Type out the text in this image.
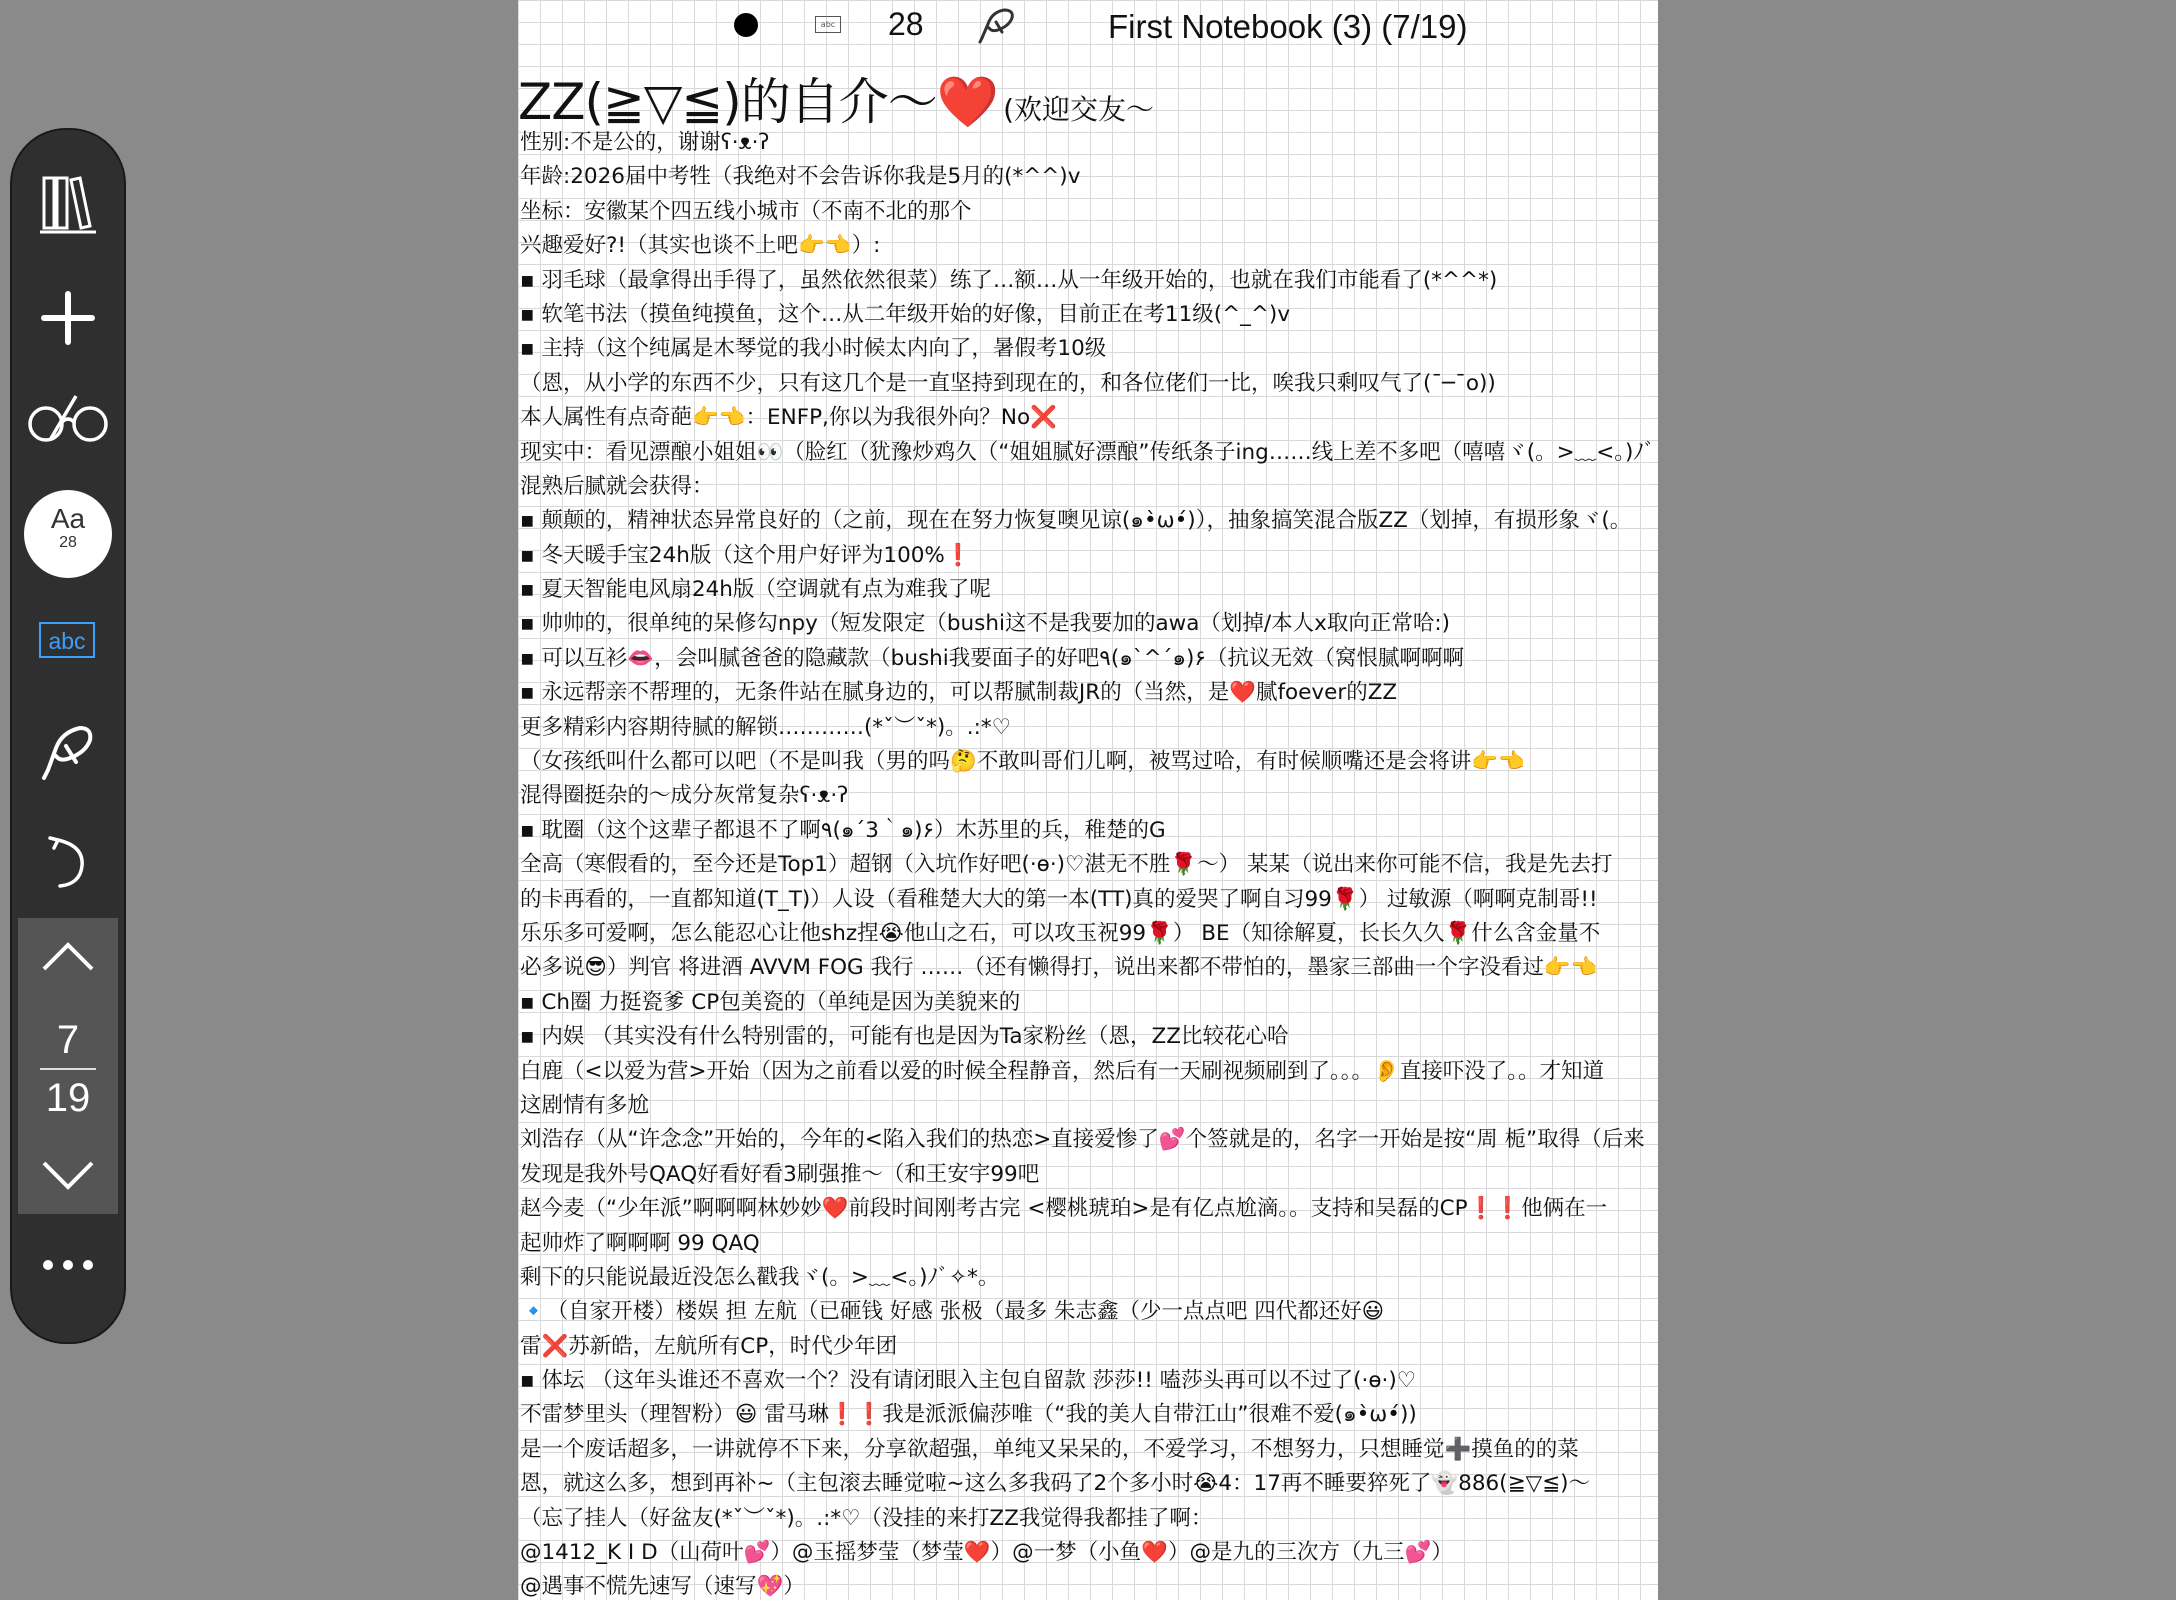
Aa
28
abc
7
19
abc 28	First Notebook (3) (7/19)
ZZ(≧▽≦)的自介～❤️ (欢迎交友～
性别:不是公的，谢谢ʕ·ᴥ·ʔ
年龄:2026届中考牲（我绝对不会告诉你我是5月的(*^^)v
坐标：安徽某个四五线小城市（不南不北的那个
兴趣爱好?!（其实也谈不上吧👉👈）:
▪ 羽毛球（最拿得出手得了，虽然依然很菜）练了…额…从一年级开始的，也就在我们市能看了(*^^*)
▪ 软笔书法（摸鱼纯摸鱼，这个…从二年级开始的好像，目前正在考11级(^_^)v
▪ 主持（这个纯属是木琴觉的我小时候太内向了，暑假考10级
（恩，从小学的东西不少，只有这几个是一直坚持到现在的，和各位佬们一比，唉我只剩叹气了(¯─¯o))
本人属性有点奇葩👉👈：ENFP,你以为我很外向？No❌
现实中：看见漂酿小姐姐👀（脸红（犹豫炒鸡久（“姐姐腻好漂酿”传纸条子ing……线上差不多吧（嘻嘻ヾ(。>﹏<。)ﾉﾞ
混熟后腻就会获得：
▪ 颠颠的，精神状态异常良好的（之前，现在在努力恢复噢见谅(๑•̀ω•́)），抽象搞笑混合版ZZ（划掉，有损形象ヾ(。
▪ 冬天暖手宝24h版（这个用户好评为100%❗
▪ 夏天智能电风扇24h版（空调就有点为难我了呢
▪ 帅帅的，很单纯的呆修勾npy（短发限定（bushi这不是我要加的awa（划掉/本人x取向正常哈:)
▪ 可以互衫👄，会叫腻爸爸的隐藏款（bushi我要面子的好吧٩(๑`^´๑)۶（抗议无效（窝恨腻啊啊啊
▪ 永远帮亲不帮理的，无条件站在腻身边的，可以帮腻制裁JR的（当然，是❤️腻foever的ZZ
更多精彩内容期待腻的解锁…………(*ˇ︶ˇ*)。.:*♡
（女孩纸叫什么都可以吧（不是叫我（男的吗🤔不敢叫哥们儿啊，被骂过哈，有时候顺嘴还是会将讲👉👈
混得圈挺杂的～成分灰常复杂ʕ·ᴥ·ʔ
▪ 耽圈（这个这辈子都退不了啊٩(๑´3｀๑)۶）木苏里的兵，稚楚的G
全高（寒假看的，至今还是Top1）超钢（入坑作好吧(·ө·)♡湛无不胜🌹～） 某某（说出来你可能不信，我是先去打
的卡再看的，一直都知道(T_T)）人设（看稚楚大大的第一本(TT)真的爱哭了啊自习99🌹） 过敏源（啊啊克制哥!!
乐乐多可爱啊，怎么能忍心让他shz捏😭他山之石，可以攻玉祝99🌹） BE（知徐解夏，长长久久🌹什么含金量不
必多说😎）判官 将进酒 AVVM FOG 我行 ……（还有懒得打，说出来都不带怕的，墨家三部曲一个字没看过👉👈
▪ Ch圈 力挺瓷爹 CP包美瓷的（单纯是因为美貌来的
▪ 内娱 （其实没有什么特别雷的，可能有也是因为Ta家粉丝（恩，ZZ比较花心哈
白鹿（<以爱为营>开始（因为之前看以爱的时候全程静音，然后有一天刷视频刷到了。。。👂直接吓没了。。才知道
这剧情有多尬
刘浩存（从“许念念”开始的，今年的<陷入我们的热恋>直接爱惨了💕个签就是的，名字一开始是按“周 栀”取得（后来
发现是我外号QAQ好看好看3刷强推～（和王安宇99吧
赵今麦（“少年派”啊啊啊林妙妙❤️前段时间刚考古完 <樱桃琥珀>是有亿点尬滴。。支持和吴磊的CP❗❗他俩在一
起帅炸了啊啊啊 99 QAQ
剩下的只能说最近没怎么戳我ヾ(。>﹏<。)ﾉﾞ✧*。
🔹（自家开楼）楼娱 担 左航（已砸钱 好感 张极（最多 朱志鑫（少一点点吧 四代都还好😃
雷❌苏新皓，左航所有CP，时代少年团
▪ 体坛 （这年头谁还不喜欢一个？没有请闭眼入主包自留款 莎莎!! 嗑莎头再可以不过了(·ө·)♡
不雷梦里头（理智粉）😃 雷马琳❗❗我是派派偏莎唯（“我的美人自带江山”很难不爱(๑•̀ω•́))
是一个废话超多，一讲就停不下来，分享欲超强，单纯又呆呆的，不爱学习，不想努力，只想睡觉➕摸鱼的的菜
恩，就这么多，想到再补~（主包滚去睡觉啦~这么多我码了2个多小时😭4：17再不睡要猝死了👻886(≧▽≦)～
（忘了挂人（好盆友(*ˇ︶ˇ*)。.:*♡（没挂的来打ZZ我觉得我都挂了啊：
@1412_K I D（山荷叶💕）@玉摇梦莹（梦莹❤️）@一梦（小鱼❤️）@是九的三次方（九三💕）
@遇事不慌先速写（速写💖）
